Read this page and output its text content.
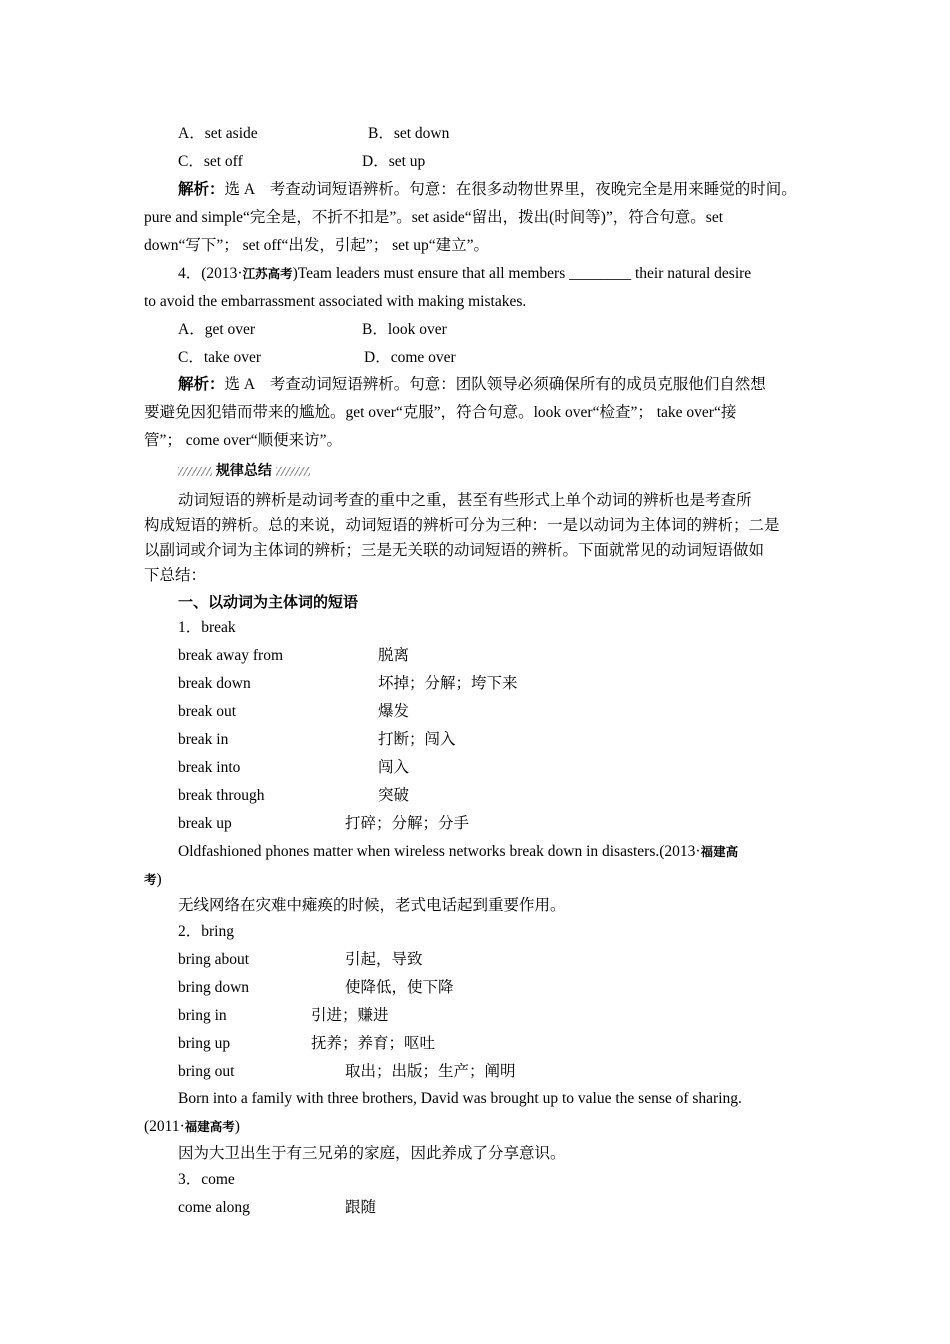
A．set aside	B．set down
C．set off	D．set up
解析：选 A　考查动词短语辨析。句意：在很多动物世界里，夜晚完全是用来睡觉的时间。
pure and simple“完全是，不折不扣是”。set aside“留出，拨出(时间等)”，符合句意。set
down“写下”； set off“出发，引起”； set up“建立”。
4．(2013·江苏高考)Team leaders must ensure that all members ________ their natural desire
to avoid the embarrassment associated with making mistakes.
A．get over	B．look over
C．take over	D．come over
解析：选 A　考查动词短语辨析。句意：团队领导必须确保所有的成员克服他们自然想
要避免因犯错而带来的尴尬。get over“克服”，符合句意。look over“检查”； take over“接
管”； come over“顺便来访”。
规律总结
动词短语的辨析是动词考查的重中之重，甚至有些形式上单个动词的辨析也是考查所
构成短语的辨析。总的来说，动词短语的辨析可分为三种：一是以动词为主体词的辨析；二是
以副词或介词为主体词的辨析；三是无关联的动词短语的辨析。下面就常见的动词短语做如
下总结：
一、以动词为主体词的短语
1．break
break away from	脱离
break down	坏掉；分解；垮下来
break out	爆发
break in	打断；闯入
break into	闯入
break through	突破
break up	打碎；分解；分手
Oldfashioned phones matter when wireless networks break down in disasters.(2013·福建高
考)
无线网络在灾难中瘫痪的时候，老式电话起到重要作用。
2．bring
bring about	引起，导致
bring down	使降低，使下降
bring in	引进；赚进
bring up	抚养；养育；呕吐
bring out	取出；出版；生产；阐明
Born into a family with three brothers, David was brought up to value the sense of sharing.
(2011·福建高考)
因为大卫出生于有三兄弟的家庭，因此养成了分享意识。
3．come
come along	跟随
